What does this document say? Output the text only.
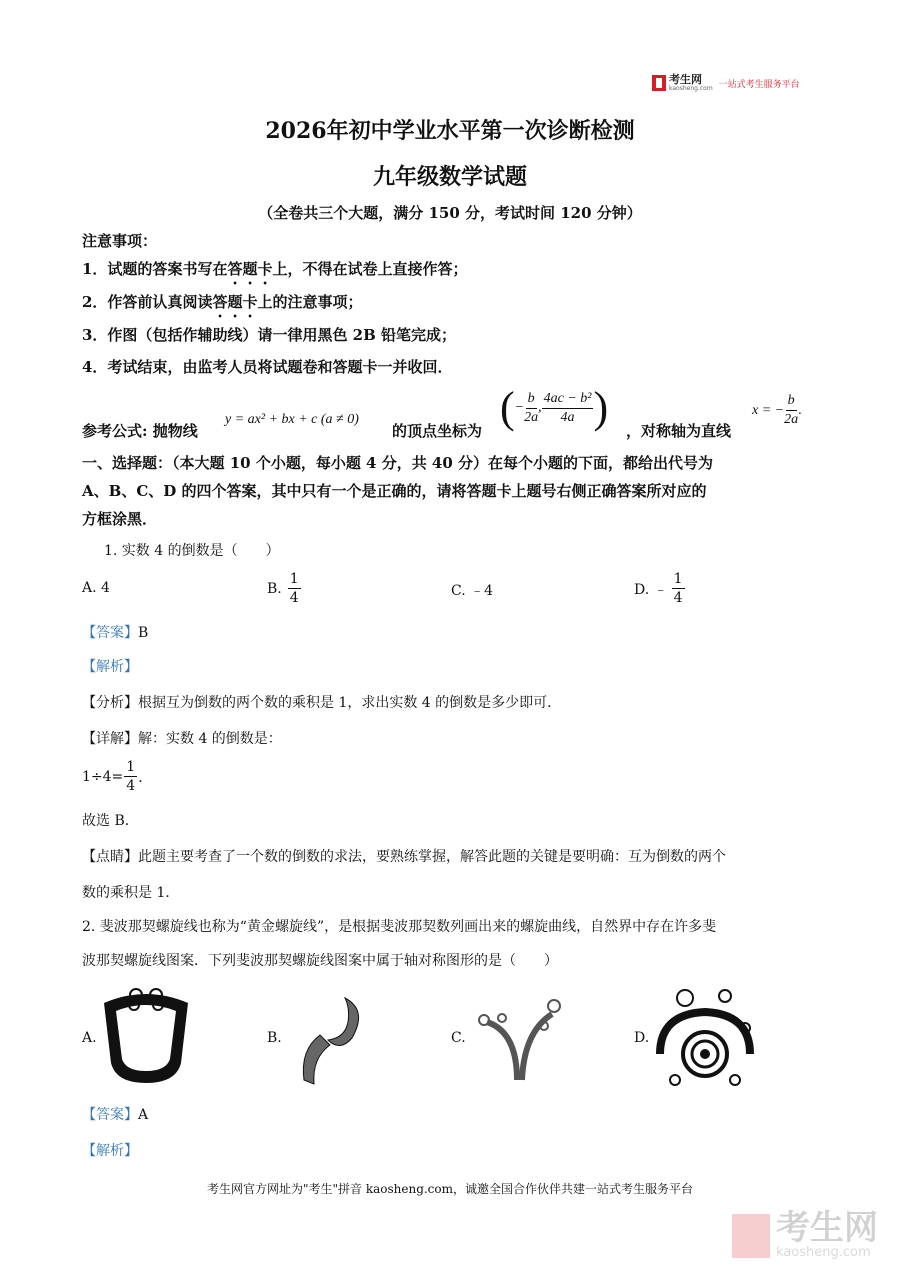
考生网
kaosheng.com 一站式考生服务平台
2026年初中学业水平第一次诊断检测
九年级数学试题
（全卷共三个大题，满分 150 分，考试时间 120 分钟）
注意事项：
1．试题的答案书写在答题卡上，不得在试卷上直接作答；
2．作答前认真阅读答题卡上的注意事项；
3．作图（包括作辅助线）请一律用黑色 2B 铅笔完成；
4．考试结束，由监考人员将试题卷和答题卡一并收回．
参考公式: 抛物线
y = ax² + bx + c (a ≠ 0)
的顶点坐标为 ( − $\frac{b}{2a}$ , $\frac{\text{4ac − b²}}{4a}$ ) ，对称轴为直线
x = − $\frac{b}{2a}$ .
一、选择题：（本大题 10 个小题，每小题 4 分，共 40 分）在每个小题的下面，都给出代号为
A、B、C、D 的四个答案，其中只有一个是正确的，请将答题卡上题号右侧正确答案所对应的
方框涂黑．
1. 实数 4 的倒数是（　　）
A. 4	B. $\frac{1}{4}$	C. ﹣4	D. ﹣ $\frac{1}{4}$
【答案】B
【解析】
【分析】根据互为倒数的两个数的乘积是 1，求出实数 4 的倒数是多少即可．
【详解】解：实数 4 的倒数是：
$1\div 4= \frac{1}{4}$ ．
故选 B．
【点睛】此题主要考查了一个数的倒数的求法，要熟练掌握，解答此题的关键是要明确：互为倒数的两个
数的乘积是 1．
2. 斐波那契螺旋线也称为“黄金螺旋线”，是根据斐波那契数列画出来的螺旋曲线，自然界中存在许多斐
波那契螺旋线图案．下列斐波那契螺旋线图案中属于轴对称图形的是（　　）
A.	B.	C.	D.
【答案】A
【解析】
考生网官方网址为"考生"拼音 kaosheng.com，诚邀全国合作伙伴共建一站式考生服务平台
考生网
kaosheng.com
